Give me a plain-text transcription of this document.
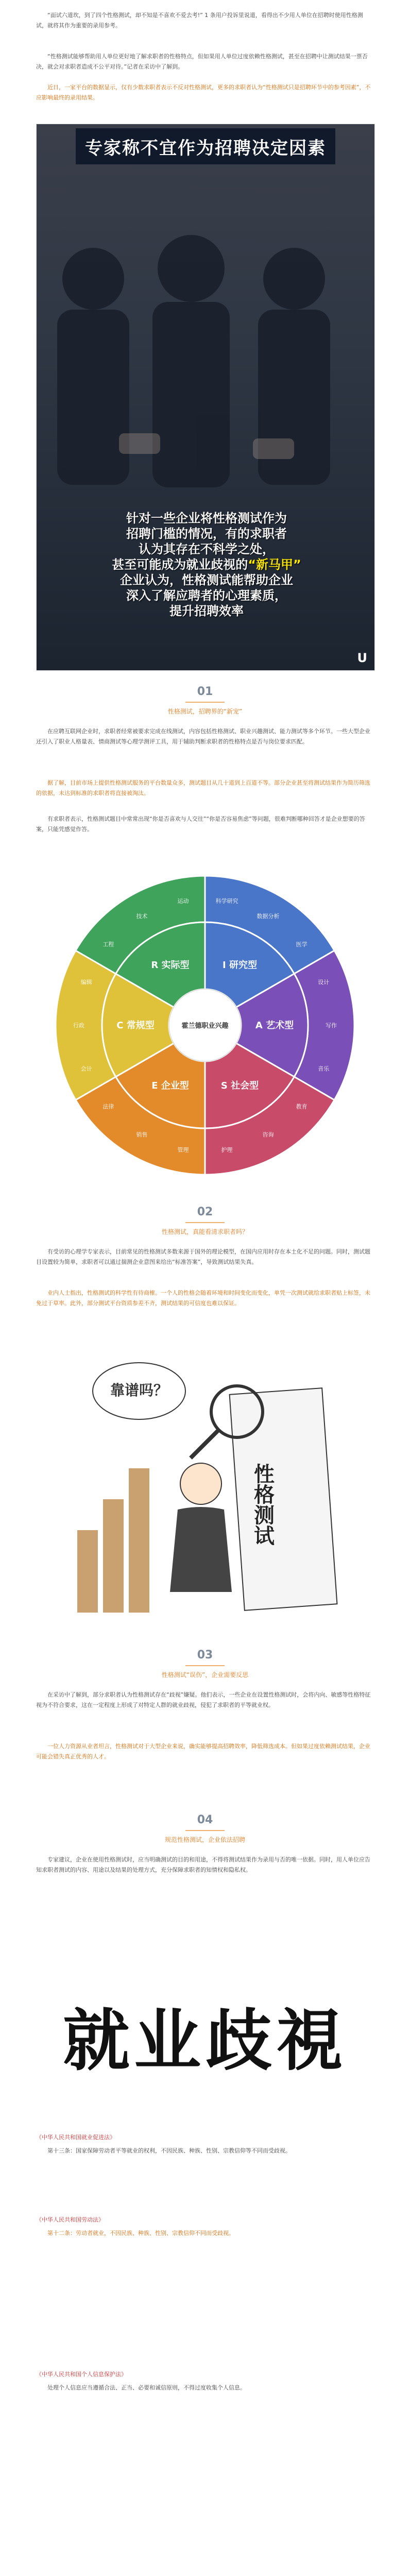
“面试六道坎，到了四个性格测试，却不知是不喜欢不爱去考!” 1 条用户投诉里说道，看得出不少用人单位在招聘时使用性格测试，就将其作为重要的录用参考。

“性格测试能够帮助用人单位更好地了解求职者的性格特点，但如果用人单位过度依赖性格测试，甚至在招聘中让测试结果一票否决，就会对求职者造成不公平对待。”记者在采访中了解到。

近日，一家平台的数据显示，仅有少数求职者表示不反对性格测试，更多的求职者认为“性格测试只是招聘环节中的参考因素”，不应影响最终的录用结果。

专家称不宜作为招聘决定因素
针对一些企业将性格测试作为
招聘门槛的情况，有的求职者
认为其存在不科学之处，
甚至可能成为就业歧视的“新马甲”
企业认为，性格测试能帮助企业
深入了解应聘者的心理素质，
提升招聘效率
U
01
性格测试，招聘界的“新宠”

在应聘互联网企业时，求职者经常被要求完成在线测试，内容包括性格测试、职业兴趣测试、能力测试等多个环节。一些大型企业还引入了职业人格量表、情商测试等心理学测评工具，用于辅助判断求职者的性格特点是否与岗位要求匹配。

据了解，目前市场上提供性格测试服务的平台数量众多，测试题目从几十道到上百道不等。部分企业甚至将测试结果作为简历筛选的依据，未达到标准的求职者将直接被淘汰。

有求职者表示，性格测试题目中常常出现“你是否喜欢与人交往”“你是否容易焦虑”等问题，很难判断哪种回答才是企业想要的答案，只能凭感觉作答。

I 研究型
科学研究
数据分析
医学
A 艺术型
设计
写作
音乐
S 社会型
教育
咨询
护理
E 企业型
管理
销售
法律
C 常规型
会计
行政
编辑
R 实际型
工程
技术
运动
霍兰德职业兴趣
02
性格测试，真能看清求职者吗？

有受访的心理学专家表示，目前常见的性格测试多数来源于国外的理论模型，在国内应用时存在本土化不足的问题。同时，测试题目设置较为简单，求职者可以通过揣测企业意图来给出“标准答案”，导致测试结果失真。

业内人士指出，性格测试的科学性有待商榷。一个人的性格会随着环境和时间变化而变化，单凭一次测试就给求职者贴上标签，未免过于草率。此外，部分测试平台资质参差不齐，测试结果的可信度也难以保证。

靠谱吗？
性格测试
03
性格测试“误伤”，企业需要反思

在采访中了解到，部分求职者认为性格测试存在“歧视”嫌疑。他们表示，一些企业在设置性格测试时，会将内向、敏感等性格特征视为不符合要求，这在一定程度上形成了对特定人群的就业歧视，侵犯了求职者的平等就业权。

一位人力资源从业者坦言，性格测试对于大型企业来说，确实能够提高招聘效率，降低筛选成本。但如果过度依赖测试结果，企业可能会错失真正优秀的人才。

04
规范性格测试，企业依法招聘

专家建议，企业在使用性格测试时，应当明确测试的目的和用途，不得将测试结果作为录用与否的唯一依据。同时，用人单位应告知求职者测试的内容、用途以及结果的处理方式，充分保障求职者的知情权和隐私权。

就业歧視
《中华人民共和国就业促进法》

第十三条：国家保障劳动者平等就业的权利，不因民族、种族、性别、宗教信仰等不同而受歧视。

《中华人民共和国劳动法》

第十二条：劳动者就业，不因民族、种族、性别、宗教信仰不同而受歧视。

《中华人民共和国个人信息保护法》

处理个人信息应当遵循合法、正当、必要和诚信原则，不得过度收集个人信息。
